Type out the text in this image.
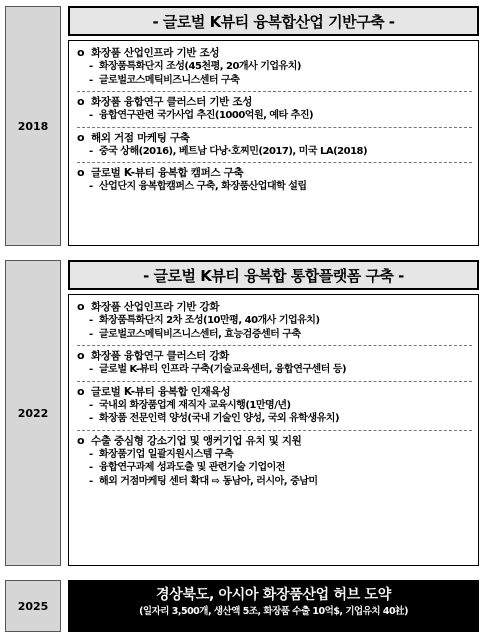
2018
- 글로벌 K뷰티 융복합산업 기반구축 -
o 화장품 산업인프라 기반 조성
- 화장품특화단지 조성(45천평, 20개사 기업유치)
- 글로벌코스메틱비즈니스센터 구축
o 화장품 융합연구 클러스터 기반 조성
- 융합연구관련 국가사업 추진(1000억원, 예타 추진)
o 해외 거점 마케팅 구축
- 중국 상해(2016), 베트남 다낭·호찌민(2017), 미국 LA(2018)
o 글로벌 K-뷰티 융복합 캠퍼스 구축
- 산업단지 융복합캠퍼스 구축, 화장품산업대학 설립
2022
- 글로벌 K뷰티 융복합 통합플랫폼 구축 -
o 화장품 산업인프라 기반 강화
- 화장품특화단지 2차 조성(10만평, 40개사 기업유치)
- 글로벌코스메틱비즈니스센터, 효능검증센터 구축
o 화장품 융합연구 클러스터 강화
- 글로벌 K-뷰티 인프라 구축(기술교육센터, 융합연구센터 등)
o 글로벌 K-뷰티 융복합 인재육성
- 국내외 화장품업계 재직자 교육시행(1만명/년)
- 화장품 전문인력 양성(국내 기술인 양성, 국외 유학생유치)
o 수출 중심형 강소기업 및 앵커기업 유치 및 지원
- 화장품기업 일괄지원시스템 구축
- 융합연구과제 성과도출 및 관련기술 기업이전
- 해외 거점마케팅 센터 확대 ⇨ 동남아, 러시아, 중남미
2025
경상북도, 아시아 화장품산업 허브 도약
(일자리 3,500개, 생산액 5조, 화장품 수출 10억$, 기업유치 40社)
